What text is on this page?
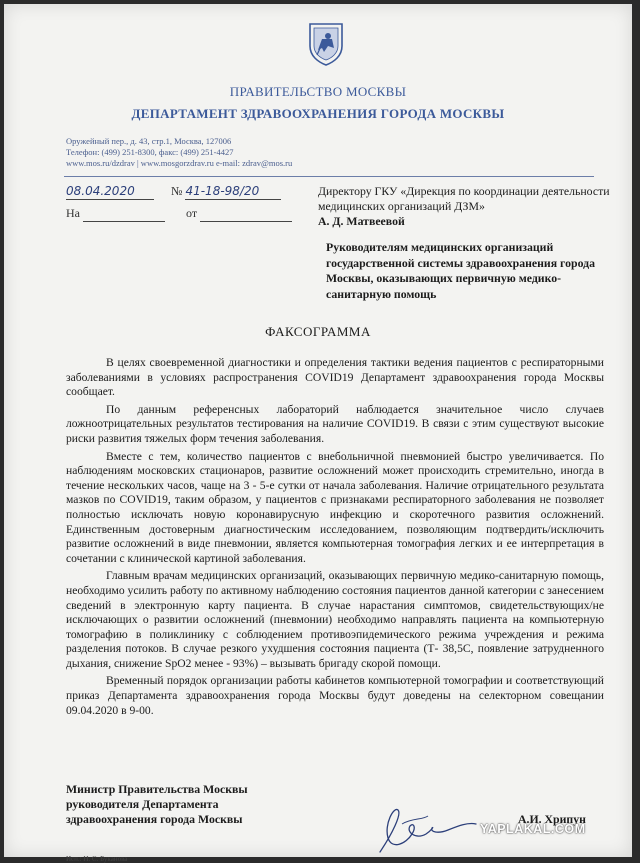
ПРАВИТЕЛЬСТВО МОСКВЫ
ДЕПАРТАМЕНТ ЗДРАВООХРАНЕНИЯ ГОРОДА МОСКВЫ
Оружейный пер., д. 43, стр.1, Москва, 127006
Телефон: (499) 251-8300, факс: (499) 251-4427
www.mos.ru/dzdrav | www.mosgorzdrav.ru e-mail: zdrav@mos.ru
08.04.2020	№ 41-18-98/20
На	от
Директору ГКУ «Дирекция по координации деятельности медицинских организаций ДЗМ»
А. Д. Матвеевой
Руководителям медицинских организаций государственной системы здравоохранения города Москвы, оказывающих первичную медико-санитарную помощь
ФАКСОГРАММА

В целях своевременной диагностики и определения тактики ведения пациентов с респираторными заболеваниями в условиях распространения COVID19 Департамент здравоохранения города Москвы сообщает.

По данным референсных лабораторий наблюдается значительное число случаев ложноотрицательных результатов тестирования на наличие COVID19. В связи с этим существуют высокие риски развития тяжелых форм течения заболевания.

Вместе с тем, количество пациентов с внебольничной пневмонией быстро увеличивается. По наблюдениям московских стационаров, развитие осложнений может происходить стремительно, иногда в течение нескольких часов, чаще на 3 - 5-е сутки от начала заболевания. Наличие отрицательного результата мазков по COVID19, таким образом, у пациентов с признаками респираторного заболевания не позволяет полностью исключать новую коронавирусную инфекцию и скоротечного развития осложнений. Единственным достоверным диагностическим исследованием, позволяющим подтвердить/исключить развитие осложнений в виде пневмонии, является компьютерная томография легких и ее интерпретация в сочетании с клинической картиной заболевания.

Главным врачам медицинских организаций, оказывающих первичную медико-санитарную помощь, необходимо усилить работу по активному наблюдению состояния пациентов данной категории с занесением сведений в электронную карту пациента. В случае нарастания симптомов, свидетельствующих/не исключающих о развитии осложнений (пневмонии) необходимо направлять пациента на компьютерную томографию в поликлинику с соблюдением противоэпидемического режима учреждения и режима разделения потоков. В случае резкого ухудшения состояния пациента (Т- 38,5С, появление затрудненного дыхания, снижение SpO2 менее - 93%) – вызывать бригаду скорой помощи.

Временный порядок организации работы кабинетов компьютерной томографии и соответствующий приказ Департамента здравоохранения города Москвы будут доведены на селекторном совещании 09.04.2020 в 9-00.

Министр Правительства Москвы
руководителя Департамента
здравоохранения города Москвы	А.И. Хрипун
Исп.: Н. С. Буканова
YAPLAKAL.COM
